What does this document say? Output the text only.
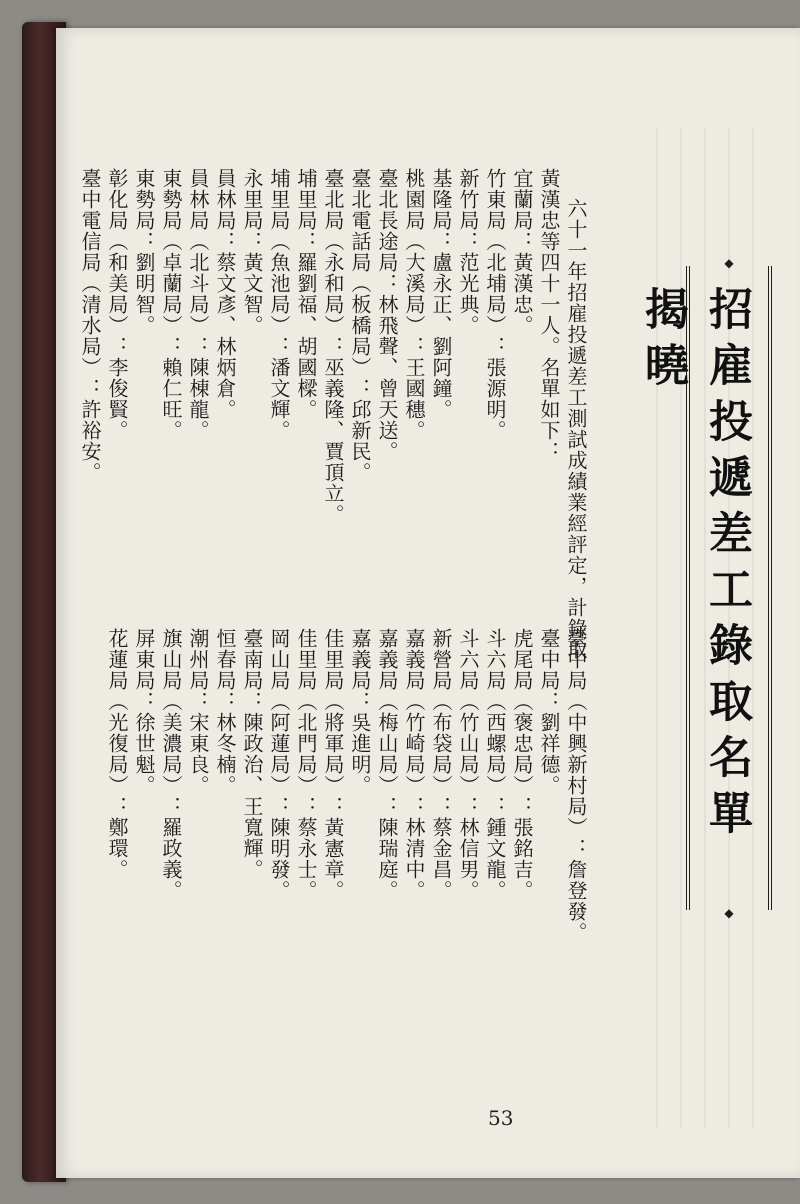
◆
招雇投遞差工錄取名單揭曉
◆
六十一年招雇投遞差工測試成績業經評定，計錄取
黃漢忠等四十一人。名單如下：
宜蘭局：黃漢忠。
竹東局（北埔局）：張源明。
新竹局：范光典。
基隆局：盧永正、劉阿鐘。
桃園局（大溪局）：王國穗。
臺北長途局：林飛聲、曾天送。
臺北電話局（板橋局）：邱新民。
臺北局（永和局）：巫義隆、賈頂立。
埔里局：羅劉福、胡國樑。
埔里局（魚池局）：潘文輝。
永里局：黃文智。
員林局：蔡文彥、林炳倉。
員林局（北斗局）：陳棟龍。
東勢局（卓蘭局）：賴仁旺。
東勢局：劉明智。
彰化局（和美局）：李俊賢。
臺中電信局（清水局）：許裕安。
臺中局（中興新村局）：詹登發。
臺中局：劉祥德。
虎尾局（褒忠局）：張銘吉。
斗六局（西螺局）：鍾文龍。
斗六局（竹山局）：林信男。
新營局（布袋局）：蔡金昌。
嘉義局（竹崎局）：林清中。
嘉義局（梅山局）：陳瑞庭。
嘉義局：吳進明。
佳里局（將軍局）：黃憲章。
佳里局（北門局）：蔡永士。
岡山局（阿蓮局）：陳明發。
臺南局：陳政治、王寬輝。
恒春局：林冬楠。
潮州局：宋東良。
旗山局（美濃局）：羅政義。
屏東局：徐世魁。
花蓮局（光復局）：鄭環。
53
